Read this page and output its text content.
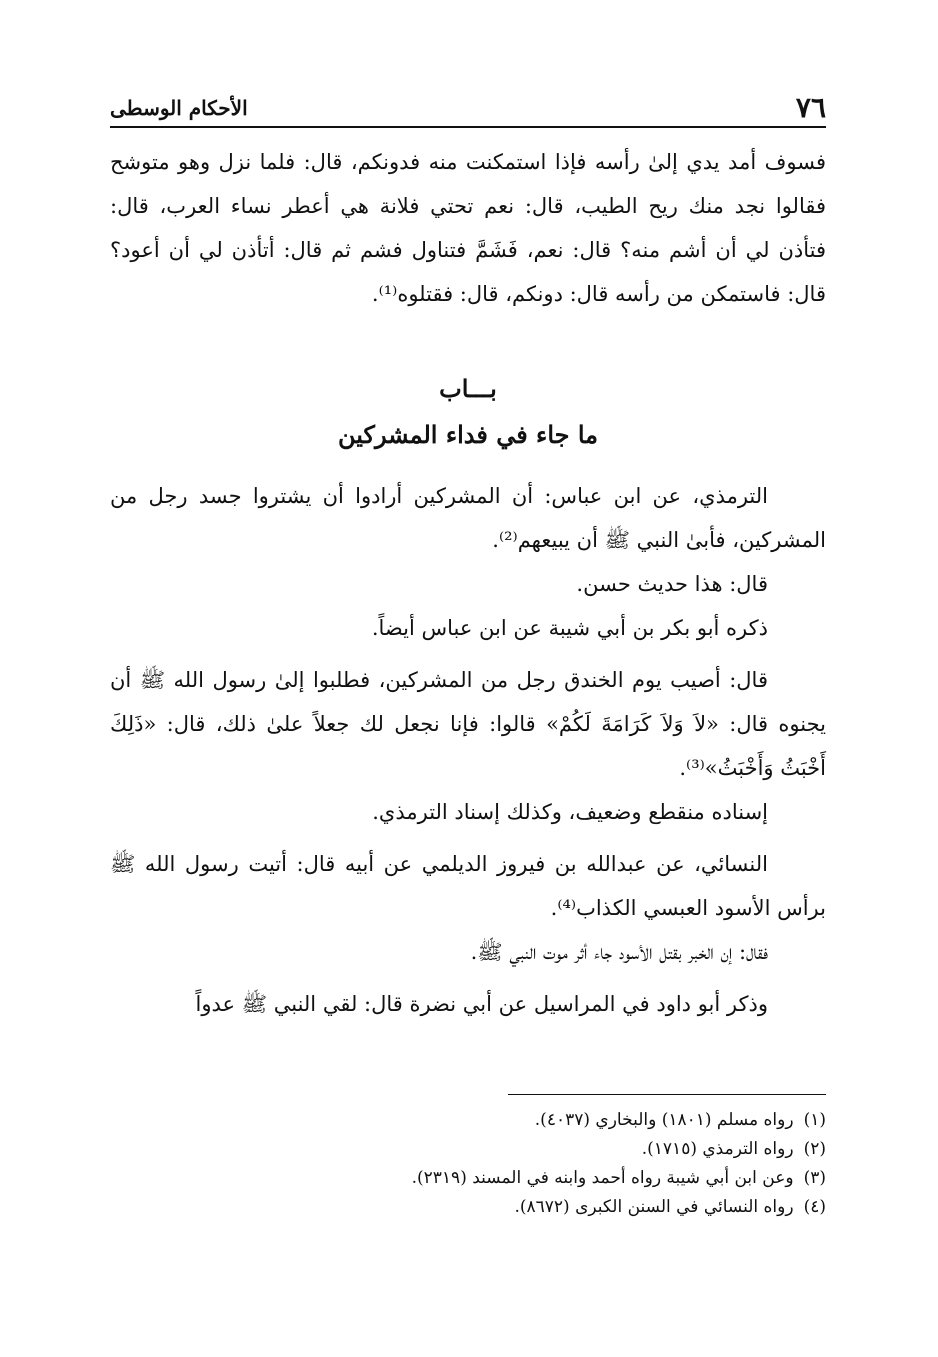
٧٦
الأحكام الوسطى

فسوف أمد يدي إلىٰ رأسه فإذا استمكنت منه فدونكم، قال: فلما نزل وهو متوشح فقالوا نجد منك ريح الطيب، قال: نعم تحتي فلانة هي أعطر نساء العرب، قال: فتأذن لي أن أشم منه؟ قال: نعم، فَشَمَّ فتناول فشم ثم قال: أتأذن لي أن أعود؟ قال: فاستمكن من رأسه قال: دونكم، قال: فقتلوه⁽¹⁾.

بـــاب
ما جاء في فداء المشركين

الترمذي، عن ابن عباس: أن المشركين أرادوا أن يشتروا جسد رجل من المشركين، فأبىٰ النبي ﷺ أن يبيعهم⁽²⁾.

قال: هذا حديث حسن.

ذكره أبو بكر بن أبي شيبة عن ابن عباس أيضاً.

قال: أصيب يوم الخندق رجل من المشركين، فطلبوا إلىٰ رسول الله ﷺ أن يجنوه قال: «لاَ وَلاَ كَرَامَةَ لَكُمْ» قالوا: فإنا نجعل لك جعلاً علىٰ ذلك، قال: «ذَلِكَ أَخْبَثُ وَأَخْبَثُ»⁽³⁾.

إسناده منقطع وضعيف، وكذلك إسناد الترمذي.

النسائي، عن عبدالله بن فيروز الديلمي عن أبيه قال: أتيت رسول الله ﷺ برأس الأسود العبسي الكذاب⁽⁴⁾.

فقال: إن الخبر بقتل الأسود جاء أثر موت النبي ﷺ.

وذكر أبو داود في المراسيل عن أبي نضرة قال: لقي النبي ﷺ عدواً

(١)رواه مسلم (١٨٠١) والبخاري (٤٠٣٧).
(٢)رواه الترمذي (١٧١٥).
(٣)وعن ابن أبي شيبة رواه أحمد وابنه في المسند (٢٣١٩).
(٤)رواه النسائي في السنن الكبرى (٨٦٧٢).
